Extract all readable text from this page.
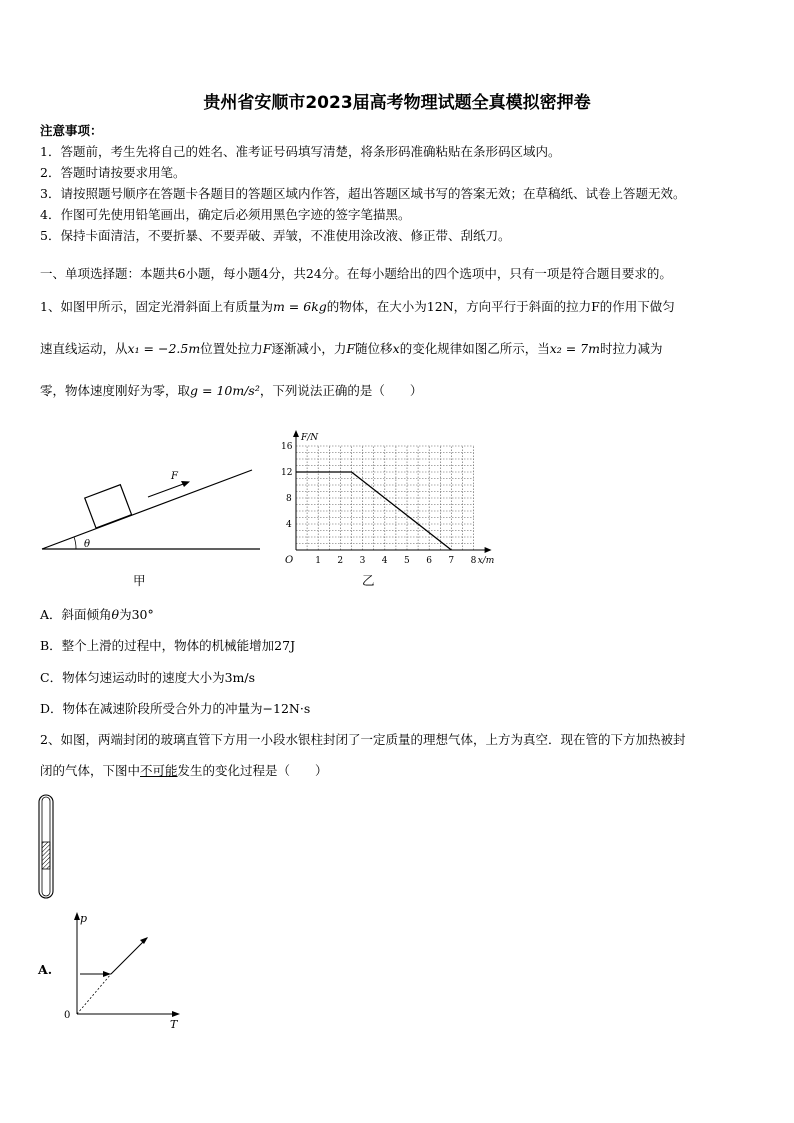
贵州省安顺市2023届高考物理试题全真模拟密押卷
注意事项：
1．答题前，考生先将自己的姓名、准考证号码填写清楚，将条形码准确粘贴在条形码区域内。
2．答题时请按要求用笔。
3．请按照题号顺序在答题卡各题目的答题区域内作答，超出答题区域书写的答案无效；在草稿纸、试卷上答题无效。
4．作图可先使用铅笔画出，确定后必须用黑色字迹的签字笔描黑。
5．保持卡面清洁，不要折暴、不要弄破、弄皱，不准使用涂改液、修正带、刮纸刀。
一、单项选择题：本题共6小题，每小题4分，共24分。在每小题给出的四个选项中，只有一项是符合题目要求的。
1、如图甲所示，固定光滑斜面上有质量为m = 6kg的物体，在大小为12N，方向平行于斜面的拉力F的作用下做匀
速直线运动，从x₁ = −2.5m位置处拉力F逐渐减小，力F随位移x的变化规律如图乙所示，当x₂ = 7m时拉力减为
零，物体速度刚好为零，取g = 10m/s²，下列说法正确的是（　　）
F
θ
甲
1 2 3 4 5 6 7 8
4
8
12
16
F/N
x/m
O
乙
A．斜面倾角θ为30°
B．整个上滑的过程中，物体的机械能增加27J
C．物体匀速运动时的速度大小为3m/s
D．物体在减速阶段所受合外力的冲量为−12N·s
2、如图，两端封闭的玻璃直管下方用一小段水银柱封闭了一定质量的理想气体，上方为真空．现在管的下方加热被封
闭的气体，下图中不可能发生的变化过程是（　　）
A.
p
T
0
